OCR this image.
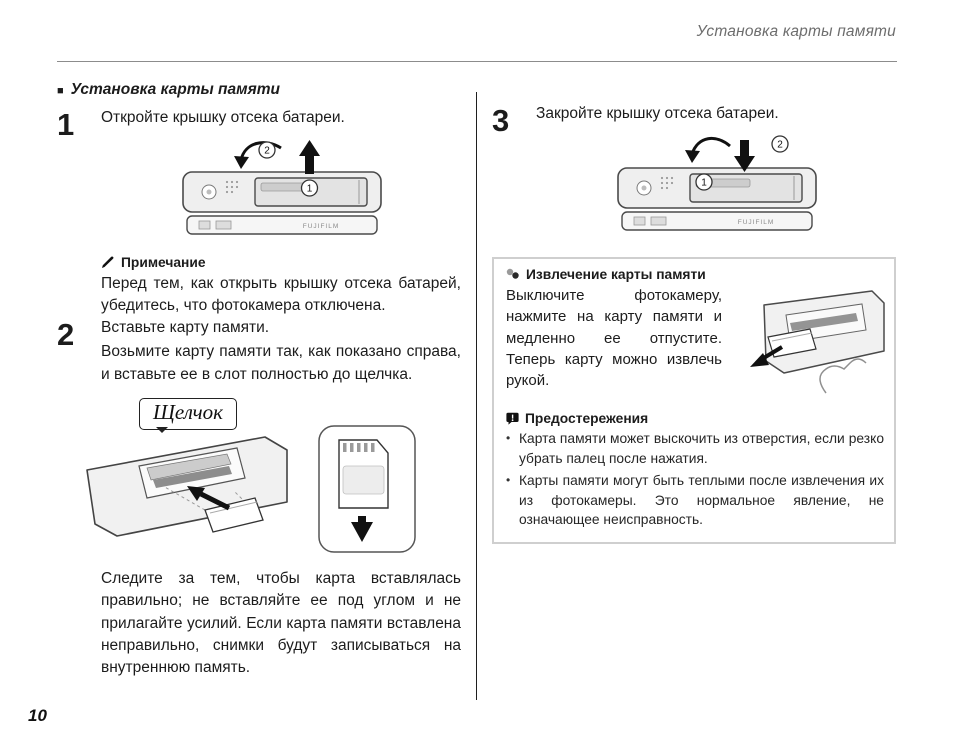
Установка карты памяти
■ Установка карты памяти
1	Откройте крышку отсека батареи.
FUJIFILM
1
2
Примечание

Перед тем, как открыть крышку отсека батарей, убедитесь, что фотокамера отключена.

2	Вставьте карту памяти.

Возьмите карту памяти так, как показано справа, и вставьте ее в слот полностью до щелчка.

Щелчок

Следите за тем, чтобы карта вставлялась правильно; не вставляйте ее под углом и не прилагайте усилий. Если карта памяти вставлена неправильно, снимки будут записываться на внутреннюю память.

3	Закройте крышку отсека батареи.
FUJIFILM
1
2
Извлечение карты памяти

Выключите фотокамеру, нажмите на карту памяти и медленно ее отпустите. Теперь карту можно извлечь рукой.

Предостережения
• Карта памяти может выскочить из отверстия, если резко убрать палец после нажатия.
• Карты памяти могут быть теплыми после извлечения их из фотокамеры. Это нормальное явление, не означающее неисправность.
10
